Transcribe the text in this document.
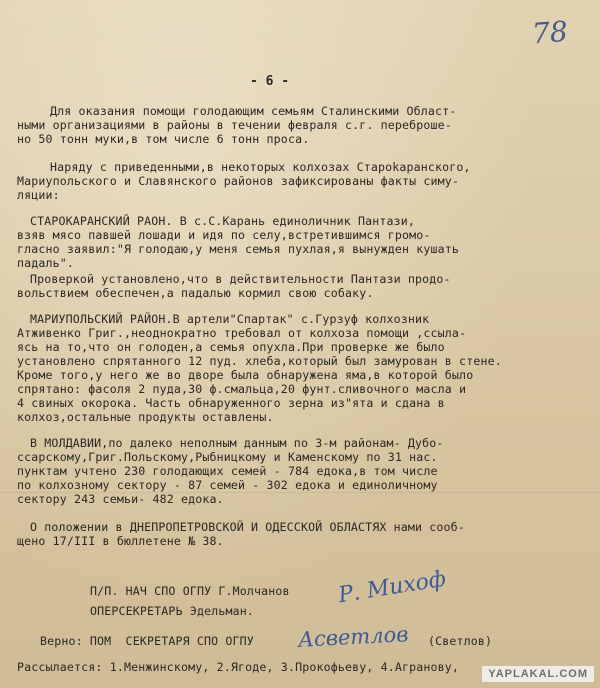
78
- 6 -
Для оказания помощи голодающим семьям Сталинскими Област-
ными организациями в районы в течении февраля с.г. переброше-
но 50 тонн муки,в том числе 6 тонн проса.
Наряду с приведенными,в некоторых колхозах Староkаранского,
Мариупольского и Славянского районов зафиксированы факты симу-
ляции:
СТАРОКАРАНСКИЙ РАОН. В с.С.Карань единоличник Пантази,
взяв мясо павшей лошади и идя по селу,встретившимся громо-
гласно заявил:"Я голодаю,у меня семья пухлая,я вынужден кушать
падаль".
Проверкой установлено,что в действительности Пантази продо-
вольствием обеспечен,а падалью кормил свою собаку.
МАРИУПОЛЬСКИЙ РАЙОН.В артели"Спартак" с.Гурзуф колхозник
Атживенко Григ.,неоднократно требовал от колхоза помощи ,ссыла-
ясь на то,что он голоден,а семья опухла.При проверке же было
установлено спрятанного 12 пуд. хлеба,который был замурован в стене.
Кроме того,у него же во дворе была обнаружена яма,в которой было
спрятано: фасоля 2 пуда,30 ф.смальца,20 фунт.сливочного масла и
4 свиных окорока. Часть обнаруженного зерна из"ята и сдана в
колхоз,остальные продукты оставлены.
В МОЛДАВИИ,по далеко неполным данным по 3-м районам- Дубо-
ссарскому,Григ.Польскому,Рыбницкому и Каменскому по 31 нас.
пунктам учтено 230 голодающих семей - 784 едока,в том числе
по колхозному сектору - 87 семей - 302 едока и единоличному
сектору 243 семьи- 482 едока.
О положении в ДНЕПРОПЕТРОВСКОЙ И ОДЕССКОЙ ОБЛАСТЯХ нами сооб-
щено 17/III в бюллетене № 38.
П/П. НАЧ СПО ОГПУ Г.Молчанов Р. Михоф
ОПЕРСЕКРЕТАРЬ Эдельман.
Верно: ПОМ  СЕКРЕТАРЯ СПО ОГПУ Асветлов (Светлов)
Рассылается: 1.Менжинскому, 2.Ягоде, 3.Прокофьеву, 4.Агранову,	YAPLAKAL.COM
